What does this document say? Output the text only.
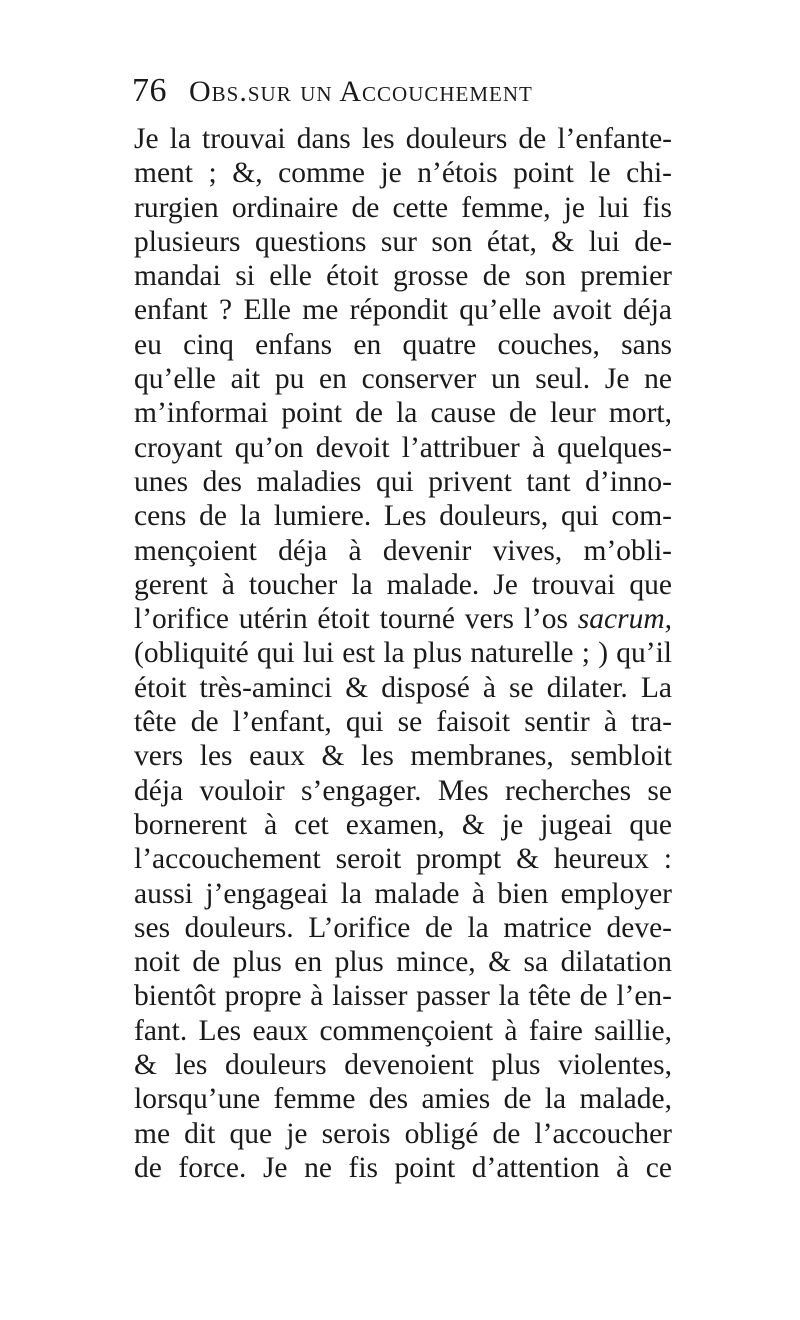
76 Obs.sur un Accouchement
Je la trouvai dans les douleurs de l’enfante-
ment ; &, comme je n’étois point le chi-
rurgien ordinaire de cette femme, je lui fis
plusieurs questions sur son état, & lui de-
mandai si elle étoit grosse de son premier
enfant ? Elle me répondit qu’elle avoit déja
eu cinq enfans en quatre couches, sans
qu’elle ait pu en conserver un seul. Je ne
m’informai point de la cause de leur mort,
croyant qu’on devoit l’attribuer à quelques-
unes des maladies qui privent tant d’inno-
cens de la lumiere. Les douleurs, qui com-
mençoient déja à devenir vives, m’obli-
gerent à toucher la malade. Je trouvai que
l’orifice utérin étoit tourné vers l’os sacrum,
(obliquité qui lui est la plus naturelle ; ) qu’il
étoit très-aminci & disposé à se dilater. La
tête de l’enfant, qui se faisoit sentir à tra-
vers les eaux & les membranes, sembloit
déja vouloir s’engager. Mes recherches se
bornerent à cet examen, & je jugeai que
l’accouchement seroit prompt & heureux :
aussi j’engageai la malade à bien employer
ses douleurs. L’orifice de la matrice deve-
noit de plus en plus mince, & sa dilatation
bientôt propre à laisser passer la tête de l’en-
fant. Les eaux commençoient à faire saillie,
& les douleurs devenoient plus violentes,
lorsqu’une femme des amies de la malade,
me dit que je serois obligé de l’accoucher
de force. Je ne fis point d’attention à ce
